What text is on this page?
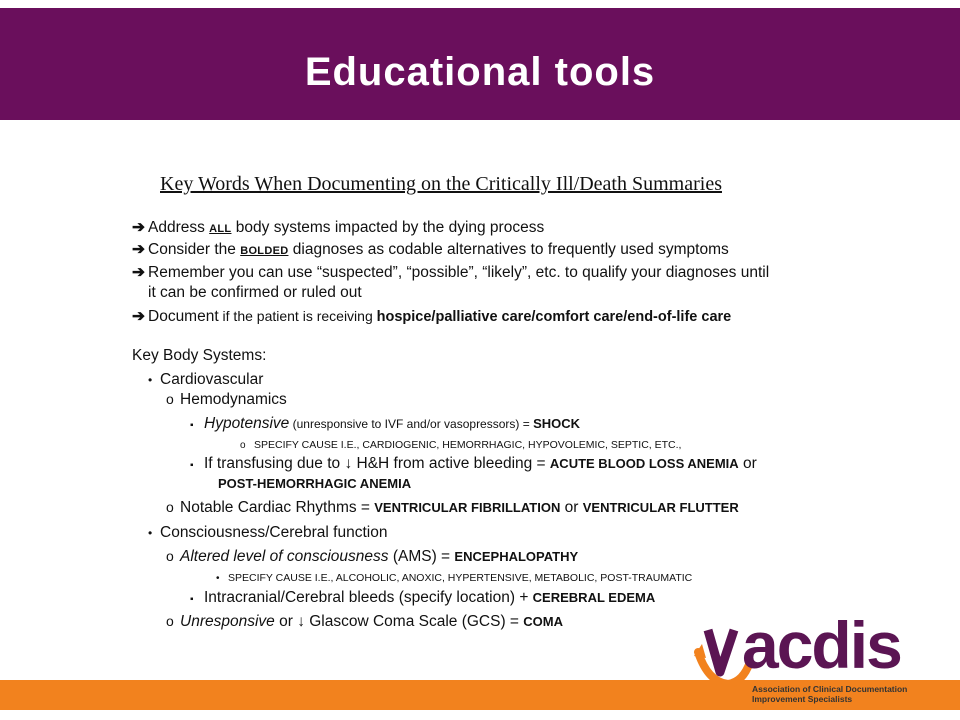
Educational tools
Key Words When Documenting on the Critically Ill/Death Summaries
➔ Address ALL body systems impacted by the dying process
➔ Consider the BOLDED diagnoses as codable alternatives to frequently used symptoms
➔ Remember you can use “suspected”, “possible”, “likely”, etc. to qualify your diagnoses until
it can be confirmed or ruled out
➔ Document if the patient is receiving hospice/palliative care/comfort care/end-of-life care
Key Body Systems:
• Cardiovascular
o Hemodynamics
▪ Hypotensive (unresponsive to IVF and/or vasopressors) = SHOCK
o SPECIFY CAUSE I.E., CARDIOGENIC, HEMORRHAGIC, HYPOVOLEMIC, SEPTIC, ETC.,
▪ If transfusing due to ↓ H&H from active bleeding = ACUTE BLOOD LOSS ANEMIA or
POST-HEMORRHAGIC ANEMIA
o Notable Cardiac Rhythms = VENTRICULAR FIBRILLATION or VENTRICULAR FLUTTER
• Consciousness/Cerebral function
o Altered level of consciousness (AMS) = ENCEPHALOPATHY
• SPECIFY CAUSE I.E., ALCOHOLIC, ANOXIC, HYPERTENSIVE, METABOLIC, POST-TRAUMATIC
▪ Intracranial/Cerebral bleeds (specify location) + CEREBRAL EDEMA
o Unresponsive or ↓ Glascow Coma Scale (GCS) = COMA	acdis
Association of Clinical Documentation Improvement Specialists
